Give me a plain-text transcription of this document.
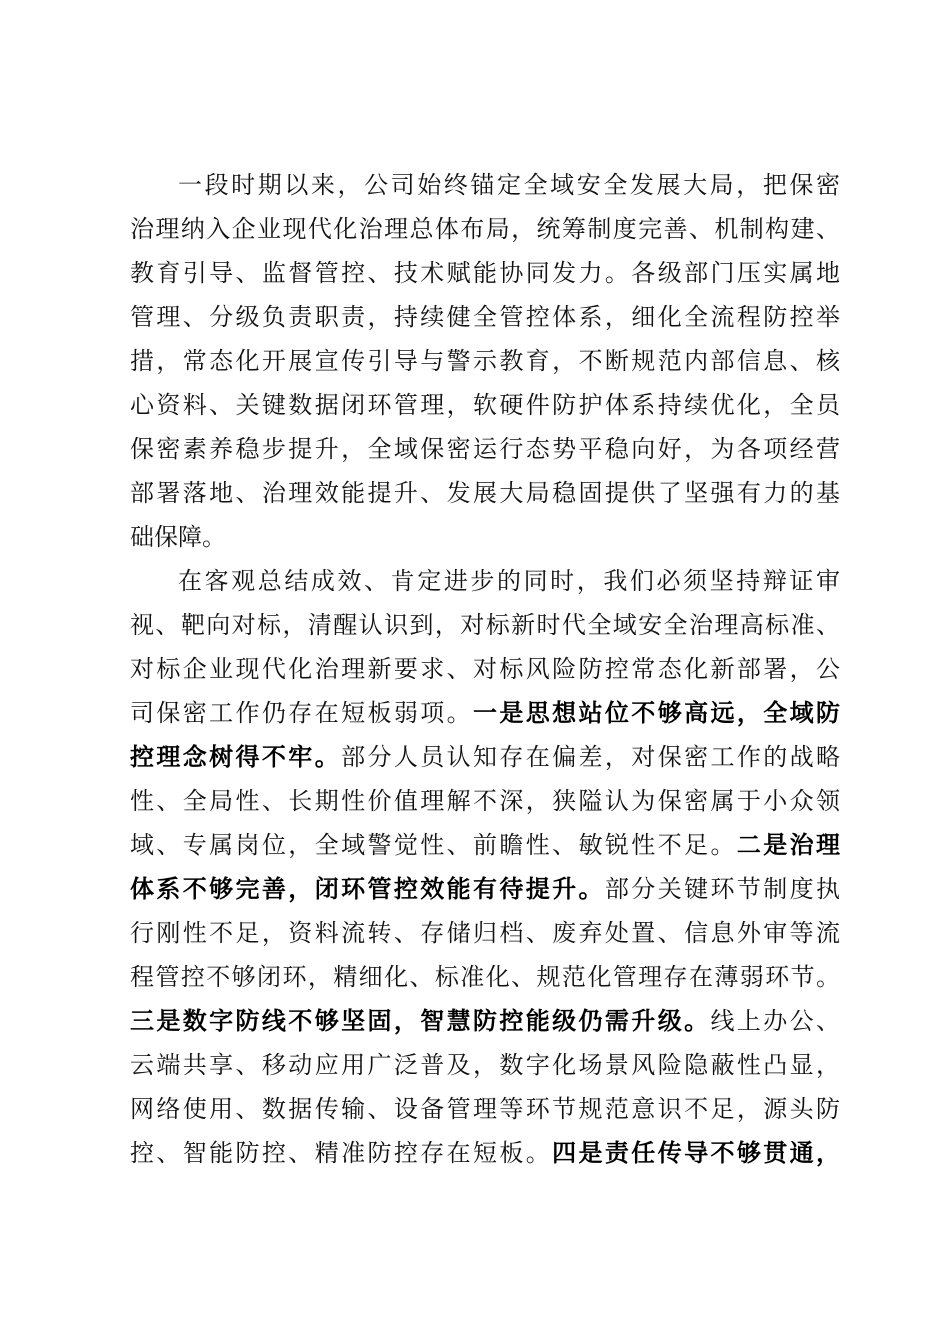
一段时期以来，公司始终锚定全域安全发展大局，把保密
治理纳入企业现代化治理总体布局，统筹制度完善、机制构建、
教育引导、监督管控、技术赋能协同发力。各级部门压实属地
管理、分级负责职责，持续健全管控体系，细化全流程防控举
措，常态化开展宣传引导与警示教育，不断规范内部信息、核
心资料、关键数据闭环管理，软硬件防护体系持续优化，全员
保密素养稳步提升，全域保密运行态势平稳向好，为各项经营
部署落地、治理效能提升、发展大局稳固提供了坚强有力的基
础保障。
在客观总结成效、肯定进步的同时，我们必须坚持辩证审
视、靶向对标，清醒认识到，对标新时代全域安全治理高标准、
对标企业现代化治理新要求、对标风险防控常态化新部署，公
司保密工作仍存在短板弱项。一是思想站位不够高远，全域防
控理念树得不牢。部分人员认知存在偏差，对保密工作的战略
性、全局性、长期性价值理解不深，狭隘认为保密属于小众领
域、专属岗位，全域警觉性、前瞻性、敏锐性不足。二是治理
体系不够完善，闭环管控效能有待提升。部分关键环节制度执
行刚性不足，资料流转、存储归档、废弃处置、信息外审等流
程管控不够闭环，精细化、标准化、规范化管理存在薄弱环节。
三是数字防线不够坚固，智慧防控能级仍需升级。线上办公、
云端共享、移动应用广泛普及，数字化场景风险隐蔽性凸显，
网络使用、数据传输、设备管理等环节规范意识不足，源头防
控、智能防控、精准防控存在短板。四是责任传导不够贯通，
